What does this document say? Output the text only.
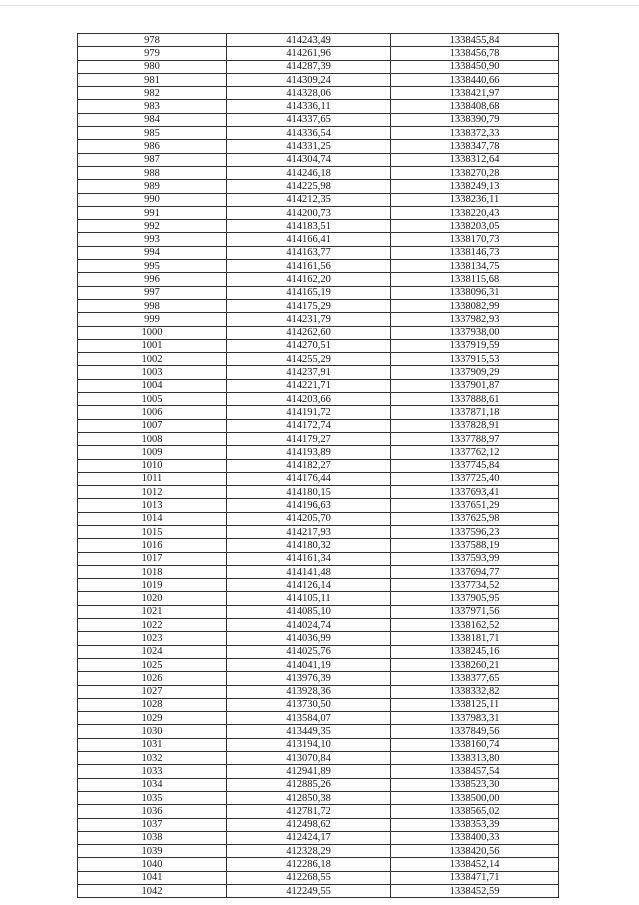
978	414243,49	1338455,84
979	414261,96	1338456,78
980	414287,39	1338450,90
981	414309,24	1338440,66
982	414328,06	1338421,97
983	414336,11	1338408,68
984	414337,65	1338390,79
985	414336,54	1338372,33
986	414331,25	1338347,78
987	414304,74	1338312,64
988	414246,18	1338270,28
989	414225,98	1338249,13
990	414212,35	1338236,11
991	414200,73	1338220,43
992	414183,51	1338203,05
993	414166,41	1338170,73
994	414163,77	1338146,73
995	414161,56	1338134,75
996	414162,20	1338115,68
997	414165,19	1338096,31
998	414175,29	1338082,99
999	414231,79	1337982,93
1000	414262,60	1337938,00
1001	414270,51	1337919,59
1002	414255,29	1337915,53
1003	414237,91	1337909,29
1004	414221,71	1337901,87
1005	414203,66	1337888,61
1006	414191,72	1337871,18
1007	414172,74	1337828,91
1008	414179,27	1337788,97
1009	414193,89	1337762,12
1010	414182,27	1337745,84
1011	414176,44	1337725,40
1012	414180,15	1337693,41
1013	414196,63	1337651,29
1014	414205,70	1337625,98
1015	414217,93	1337596,23
1016	414180,32	1337588,19
1017	414161,34	1337593,99
1018	414141,48	1337694,77
1019	414126,14	1337734,52
1020	414105,11	1337905,95
1021	414085,10	1337971,56
1022	414024,74	1338162,52
1023	414036,99	1338181,71
1024	414025,76	1338245,16
1025	414041,19	1338260,21
1026	413976,39	1338377,65
1027	413928,36	1338332,82
1028	413730,50	1338125,11
1029	413584,07	1337983,31
1030	413449,35	1337849,56
1031	413194,10	1338160,74
1032	413070,84	1338313,80
1033	412941,89	1338457,54
1034	412885,26	1338523,30
1035	412850,38	1338500,00
1036	412781,72	1338565,02
1037	412498,62	1338353,39
1038	412424,17	1338400,33
1039	412328,29	1338420,56
1040	412286,18	1338452,14
1041	412268,55	1338471,71
1042	412249,55	1338452,59
